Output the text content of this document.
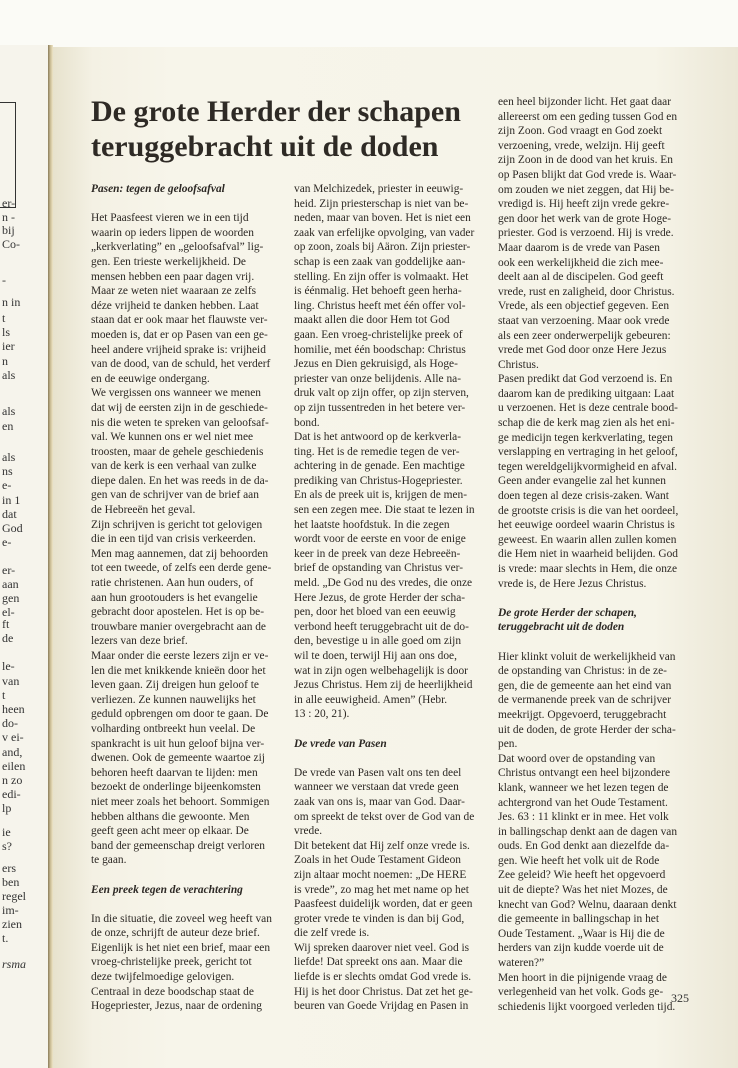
er-
n -
bij
Co-
-
n in
t
ls
ier
n
als
als
en
als
ns
e-
in 1
dat
God
e-
er-
aan
gen
el-
ft
de
le-
van
t
heen
do-
v ei-
and,
eilen
n zo
edi-
lp
ie
s?
ers
ben
regel
im-
zien
t.
rsma
De grote Herder der schapen teruggebracht uit de doden
Pasen: tegen de geloofsafval

Het Paasfeest vieren we in een tijd

waarin op ieders lippen de woorden

„kerkverlating” en „geloofsafval” lig-

gen. Een trieste werkelijkheid. De

mensen hebben een paar dagen vrij.

Maar ze weten niet waaraan ze zelfs

déze vrijheid te danken hebben. Laat

staan dat er ook maar het flauwste ver-

moeden is, dat er op Pasen van een ge-

heel andere vrijheid sprake is: vrijheid

van de dood, van de schuld, het verderf

en de eeuwige ondergang.

We vergissen ons wanneer we menen

dat wij de eersten zijn in de geschiede-

nis die weten te spreken van geloofsaf-

val. We kunnen ons er wel niet mee

troosten, maar de gehele geschiedenis

van de kerk is een verhaal van zulke

diepe dalen. En het was reeds in de da-

gen van de schrijver van de brief aan

de Hebreeën het geval.

Zijn schrijven is gericht tot gelovigen

die in een tijd van crisis verkeerden.

Men mag aannemen, dat zij behoorden

tot een tweede, of zelfs een derde gene-

ratie christenen. Aan hun ouders, of

aan hun grootouders is het evangelie

gebracht door apostelen. Het is op be-

trouwbare manier overgebracht aan de

lezers van deze brief.

Maar onder die eerste lezers zijn er ve-

len die met knikkende knieën door het

leven gaan. Zij dreigen hun geloof te

verliezen. Ze kunnen nauwelijks het

geduld opbrengen om door te gaan. De

volharding ontbreekt hun veelal. De

spankracht is uit hun geloof bijna ver-

dwenen. Ook de gemeente waartoe zij

behoren heeft daarvan te lijden: men

bezoekt de onderlinge bijeenkomsten

niet meer zoals het behoort. Sommigen

hebben althans die gewoonte. Men

geeft geen acht meer op elkaar. De

band der gemeenschap dreigt verloren

te gaan.

Een preek tegen de verachtering

In die situatie, die zoveel weg heeft van

de onze, schrijft de auteur deze brief.

Eigenlijk is het niet een brief, maar een

vroeg-christelijke preek, gericht tot

deze twijfelmoedige gelovigen.

Centraal in deze boodschap staat de

Hogepriester, Jezus, naar de ordening

van Melchizedek, priester in eeuwig-

heid. Zijn priesterschap is niet van be-

neden, maar van boven. Het is niet een

zaak van erfelijke opvolging, van vader

op zoon, zoals bij Aäron. Zijn priester-

schap is een zaak van goddelijke aan-

stelling. En zijn offer is volmaakt. Het

is éénmalig. Het behoeft geen herha-

ling. Christus heeft met één offer vol-

maakt allen die door Hem tot God

gaan. Een vroeg-christelijke preek of

homilie, met één boodschap: Christus

Jezus en Dien gekruisigd, als Hoge-

priester van onze belijdenis. Alle na-

druk valt op zijn offer, op zijn sterven,

op zijn tussentreden in het betere ver-

bond.

Dat is het antwoord op de kerkverla-

ting. Het is de remedie tegen de ver-

achtering in de genade. Een machtige

prediking van Christus-Hogepriester.

En als de preek uit is, krijgen de men-

sen een zegen mee. Die staat te lezen in

het laatste hoofdstuk. In die zegen

wordt voor de eerste en voor de enige

keer in de preek van deze Hebreeën-

brief de opstanding van Christus ver-

meld. „De God nu des vredes, die onze

Here Jezus, de grote Herder der scha-

pen, door het bloed van een eeuwig

verbond heeft teruggebracht uit de do-

den, bevestige u in alle goed om zijn

wil te doen, terwijl Hij aan ons doe,

wat in zijn ogen welbehagelijk is door

Jezus Christus. Hem zij de heerlijkheid

in alle eeuwigheid. Amen” (Hebr.

13 : 20, 21).

De vrede van Pasen

De vrede van Pasen valt ons ten deel

wanneer we verstaan dat vrede geen

zaak van ons is, maar van God. Daar-

om spreekt de tekst over de God van de

vrede.

Dit betekent dat Hij zelf onze vrede is.

Zoals in het Oude Testament Gideon

zijn altaar mocht noemen: „De HERE

is vrede”, zo mag het met name op het

Paasfeest duidelijk worden, dat er geen

groter vrede te vinden is dan bij God,

die zelf vrede is.

Wij spreken daarover niet veel. God is

liefde! Dat spreekt ons aan. Maar die

liefde is er slechts omdat God vrede is.

Hij is het door Christus. Dat zet het ge-

beuren van Goede Vrijdag en Pasen in

een heel bijzonder licht. Het gaat daar

allereerst om een geding tussen God en

zijn Zoon. God vraagt en God zoekt

verzoening, vrede, welzijn. Hij geeft

zijn Zoon in de dood van het kruis. En

op Pasen blijkt dat God vrede is. Waar-

om zouden we niet zeggen, dat Hij be-

vredigd is. Hij heeft zijn vrede gekre-

gen door het werk van de grote Hoge-

priester. God is verzoend. Hij is vrede.

Maar daarom is de vrede van Pasen

ook een werkelijkheid die zich mee-

deelt aan al de discipelen. God geeft

vrede, rust en zaligheid, door Christus.

Vrede, als een objectief gegeven. Een

staat van verzoening. Maar ook vrede

als een zeer onderwerpelijk gebeuren:

vrede met God door onze Here Jezus

Christus.

Pasen predikt dat God verzoend is. En

daarom kan de prediking uitgaan: Laat

u verzoenen. Het is deze centrale bood-

schap die de kerk mag zien als het eni-

ge medicijn tegen kerkverlating, tegen

verslapping en vertraging in het geloof,

tegen wereldgelijkvormigheid en afval.

Geen ander evangelie zal het kunnen

doen tegen al deze crisis-zaken. Want

de grootste crisis is die van het oordeel,

het eeuwige oordeel waarin Christus is

geweest. En waarin allen zullen komen

die Hem niet in waarheid belijden. God

is vrede: maar slechts in Hem, die onze

vrede is, de Here Jezus Christus.

De grote Herder der schapen,
teruggebracht uit de doden

Hier klinkt voluit de werkelijkheid van

de opstanding van Christus: in de ze-

gen, die de gemeente aan het eind van

de vermanende preek van de schrijver

meekrijgt. Opgevoerd, teruggebracht

uit de doden, de grote Herder der scha-

pen.

Dat woord over de opstanding van

Christus ontvangt een heel bijzondere

klank, wanneer we het lezen tegen de

achtergrond van het Oude Testament.

Jes. 63 : 11 klinkt er in mee. Het volk

in ballingschap denkt aan de dagen van

ouds. En God denkt aan diezelfde da-

gen. Wie heeft het volk uit de Rode

Zee geleid? Wie heeft het opgevoerd

uit de diepte? Was het niet Mozes, de

knecht van God? Welnu, daaraan denkt

die gemeente in ballingschap in het

Oude Testament. „Waar is Hij die de

herders van zijn kudde voerde uit de

wateren?”

Men hoort in die pijnigende vraag de

verlegenheid van het volk. Gods ge-

schiedenis lijkt voorgoed verleden tijd.

325
